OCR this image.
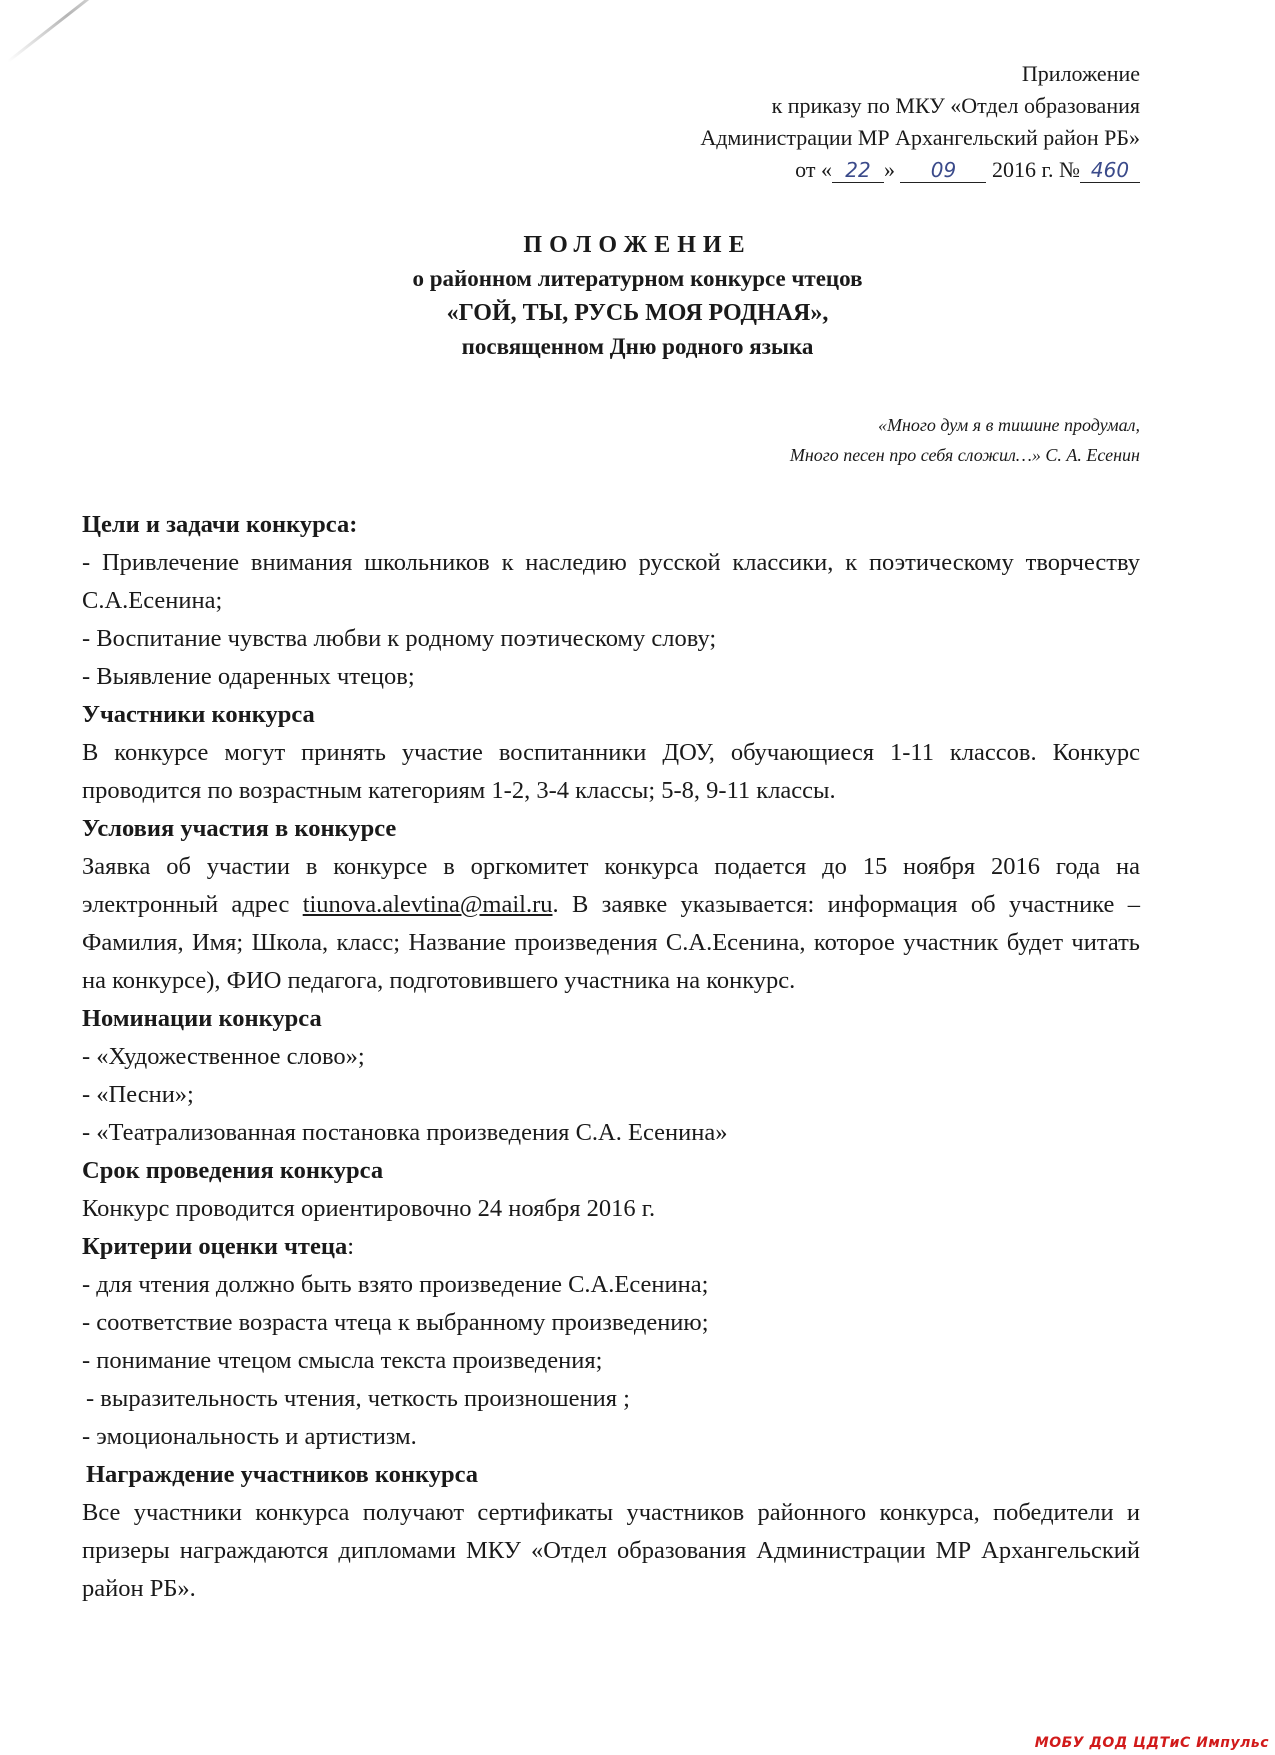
Приложение
к приказу по МКУ «Отдел образования
Администрации МР Архангельский район РБ»
от « 22 » 09 2016 г. № 460
ПОЛОЖЕНИЕ
о районном литературном конкурсе чтецов
«ГОЙ, ТЫ, РУСЬ МОЯ РОДНАЯ»,
посвященном Дню родного языка
«Много дум я в тишине продумал,
Много песен про себя сложил…» С. А. Есенин
Цели и задачи конкурса:

- Привлечение внимания школьников к наследию русской классики, к поэтическому творчеству С.А.Есенина;

- Воспитание чувства любви к родному поэтическому слову;

- Выявление одаренных чтецов;

Участники конкурса

В конкурсе могут принять участие воспитанники ДОУ, обучающиеся 1-11 классов. Конкурс проводится по возрастным категориям 1-2, 3-4 классы; 5-8, 9-11 классы.

Условия участия в конкурсе

Заявка об участии в конкурсе в оргкомитет конкурса подается до 15 ноября 2016 года на электронный адрес tiunova.alevtina@mail.ru. В заявке указывается: информация об участнике – Фамилия, Имя; Школа, класс; Название произведения С.А.Есенина, которое участник будет читать на конкурсе), ФИО педагога, подготовившего участника на конкурс.

Номинации конкурса

- «Художественное слово»;

- «Песни»;

- «Театрализованная постановка произведения С.А. Есенина»

Срок проведения конкурса

Конкурс проводится ориентировочно 24 ноября 2016 г.

Критерии оценки чтеца:

- для чтения должно быть взято произведение С.А.Есенина;

- соответствие возраста чтеца к выбранному произведению;

- понимание чтецом смысла текста произведения;

- выразительность чтения, четкость произношения ;

- эмоциональность и артистизм.

Награждение участников конкурса

Все участники конкурса получают сертификаты участников районного конкурса, победители и призеры награждаются дипломами МКУ «Отдел образования Администрации МР Архангельский район РБ».

МОБУ ДОД ЦДТиС Импульс
